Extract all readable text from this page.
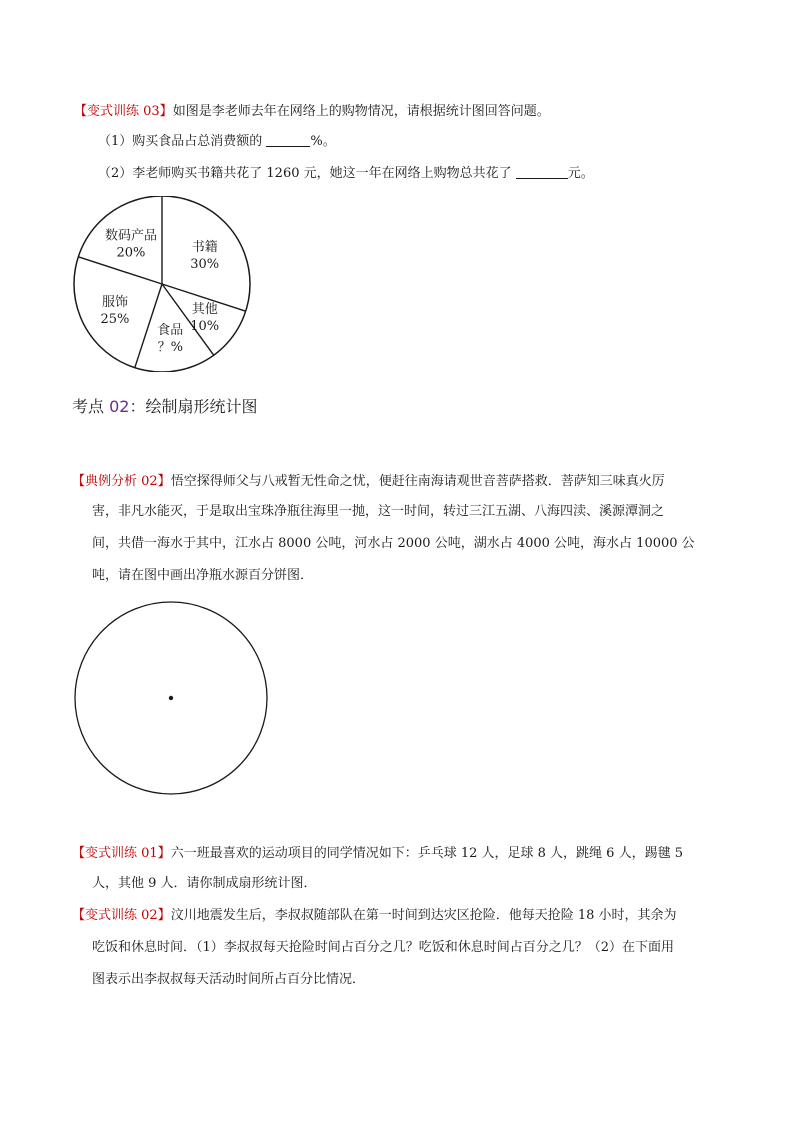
【变式训练 03】如图是李老师去年在网络上的购物情况，请根据统计图回答问题。
（1）购买食品占总消费额的	%。
（2）李老师购买书籍共花了 1260 元，她这一年在网络上购物总共花了	元。
书籍
30%
其他
10%
食品
？%
服饰
25%
数码产品
20%
考点 02：绘制扇形统计图
【典例分析 02】悟空探得师父与八戒暂无性命之忧，便赶往南海请观世音菩萨搭救．菩萨知三味真火厉
害，非凡水能灭，于是取出宝珠净瓶往海里一抛，这一时间，转过三江五湖、八海四渎、溪源潭洞之
间，共借一海水于其中，江水占 8000 公吨，河水占 2000 公吨，湖水占 4000 公吨，海水占 10000 公
吨，请在图中画出净瓶水源百分饼图．
【变式训练 01】六一班最喜欢的运动项目的同学情况如下：乒乓球 12 人，足球 8 人，跳绳 6 人，踢毽 5
人，其他 9 人．请你制成扇形统计图．
【变式训练 02】汶川地震发生后，李叔叔随部队在第一时间到达灾区抢险．他每天抢险 18 小时，其余为
吃饭和休息时间．（1）李叔叔每天抢险时间占百分之几？吃饭和休息时间占百分之几？（2）在下面用
图表示出李叔叔每天活动时间所占百分比情况．
